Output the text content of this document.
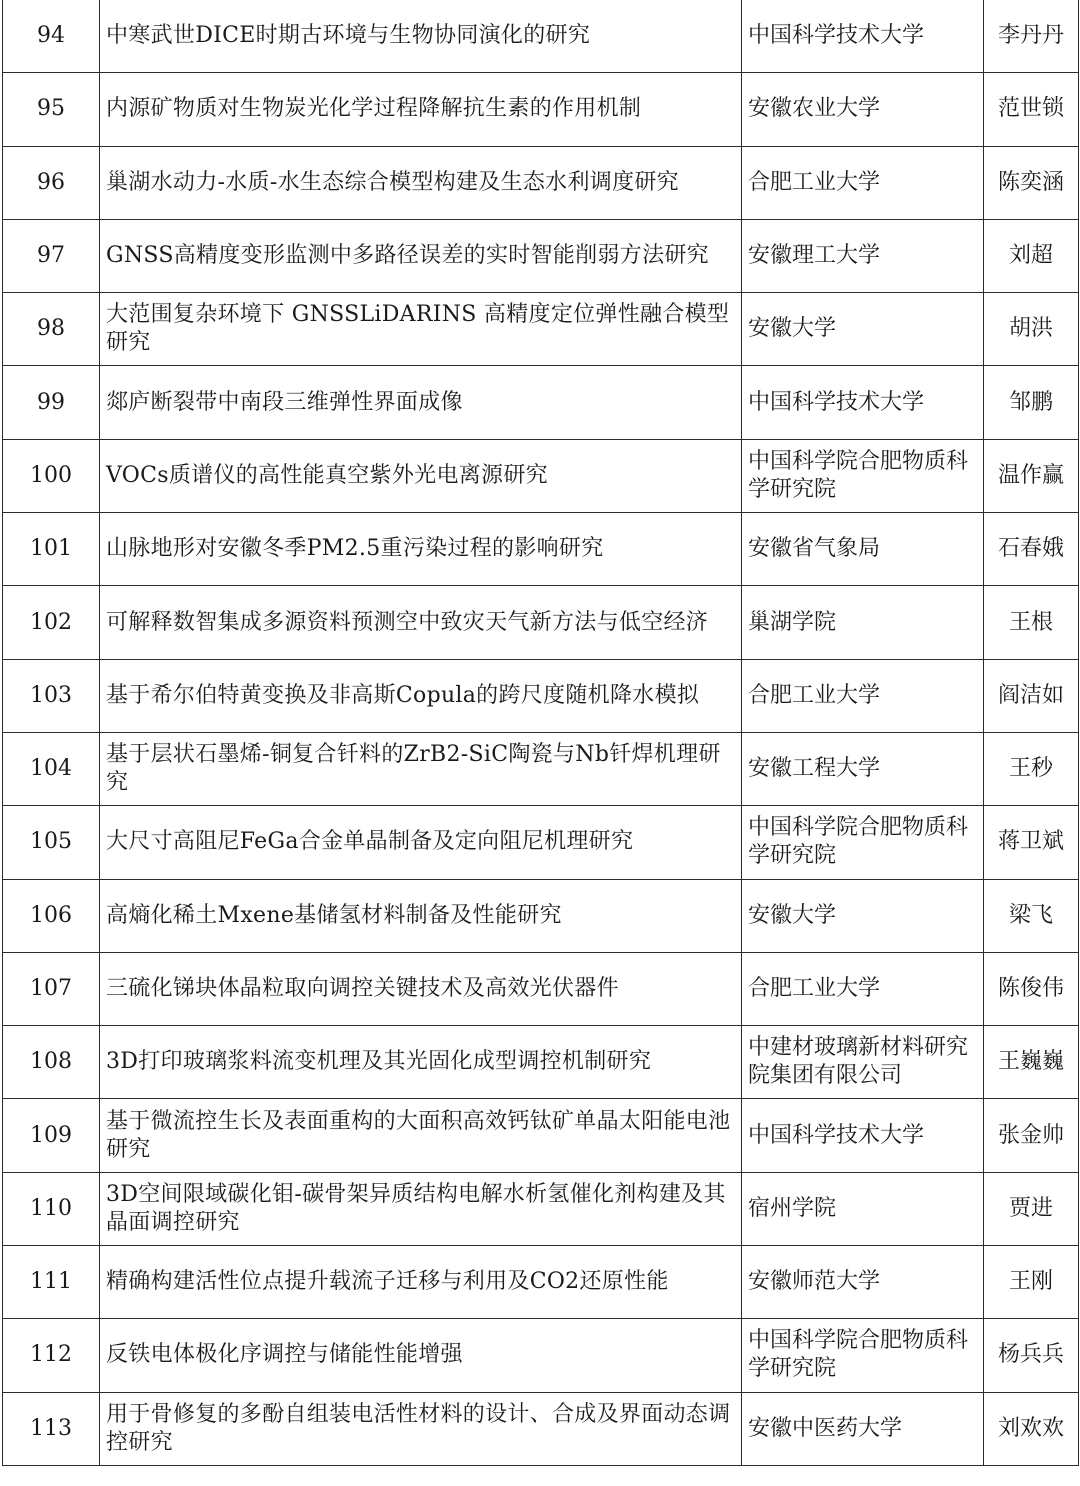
94	中寒武世DICE时期古环境与生物协同演化的研究	中国科学技术大学	李丹丹
95	内源矿物质对生物炭光化学过程降解抗生素的作用机制	安徽农业大学	范世锁
96	巢湖水动力-水质-水生态综合模型构建及生态水利调度研究	合肥工业大学	陈奕涵
97	GNSS高精度变形监测中多路径误差的实时智能削弱方法研究	安徽理工大学	刘超
98	大范围复杂环境下 GNSSLiDARINS 高精度定位弹性融合模型研究	安徽大学	胡洪
99	郯庐断裂带中南段三维弹性界面成像	中国科学技术大学	邹鹏
100	VOCs质谱仪的高性能真空紫外光电离源研究	中国科学院合肥物质科学研究院	温作赢
101	山脉地形对安徽冬季PM2.5重污染过程的影响研究	安徽省气象局	石春娥
102	可解释数智集成多源资料预测空中致灾天气新方法与低空经济	巢湖学院	王根
103	基于希尔伯特黄变换及非高斯Copula的跨尺度随机降水模拟	合肥工业大学	阎洁如
104	基于层状石墨烯-铜复合钎料的ZrB2-SiC陶瓷与Nb钎焊机理研究	安徽工程大学	王秒
105	大尺寸高阻尼FeGa合金单晶制备及定向阻尼机理研究	中国科学院合肥物质科学研究院	蒋卫斌
106	高熵化稀土Mxene基储氢材料制备及性能研究	安徽大学	梁飞
107	三硫化锑块体晶粒取向调控关键技术及高效光伏器件	合肥工业大学	陈俊伟
108	3D打印玻璃浆料流变机理及其光固化成型调控机制研究	中建材玻璃新材料研究院集团有限公司	王巍巍
109	基于微流控生长及表面重构的大面积高效钙钛矿单晶太阳能电池研究	中国科学技术大学	张金帅
110	3D空间限域碳化钼-碳骨架异质结构电解水析氢催化剂构建及其晶面调控研究	宿州学院	贾进
111	精确构建活性位点提升载流子迁移与利用及CO2还原性能	安徽师范大学	王刚
112	反铁电体极化序调控与储能性能增强	中国科学院合肥物质科学研究院	杨兵兵
113	用于骨修复的多酚自组装电活性材料的设计、合成及界面动态调控研究	安徽中医药大学	刘欢欢
